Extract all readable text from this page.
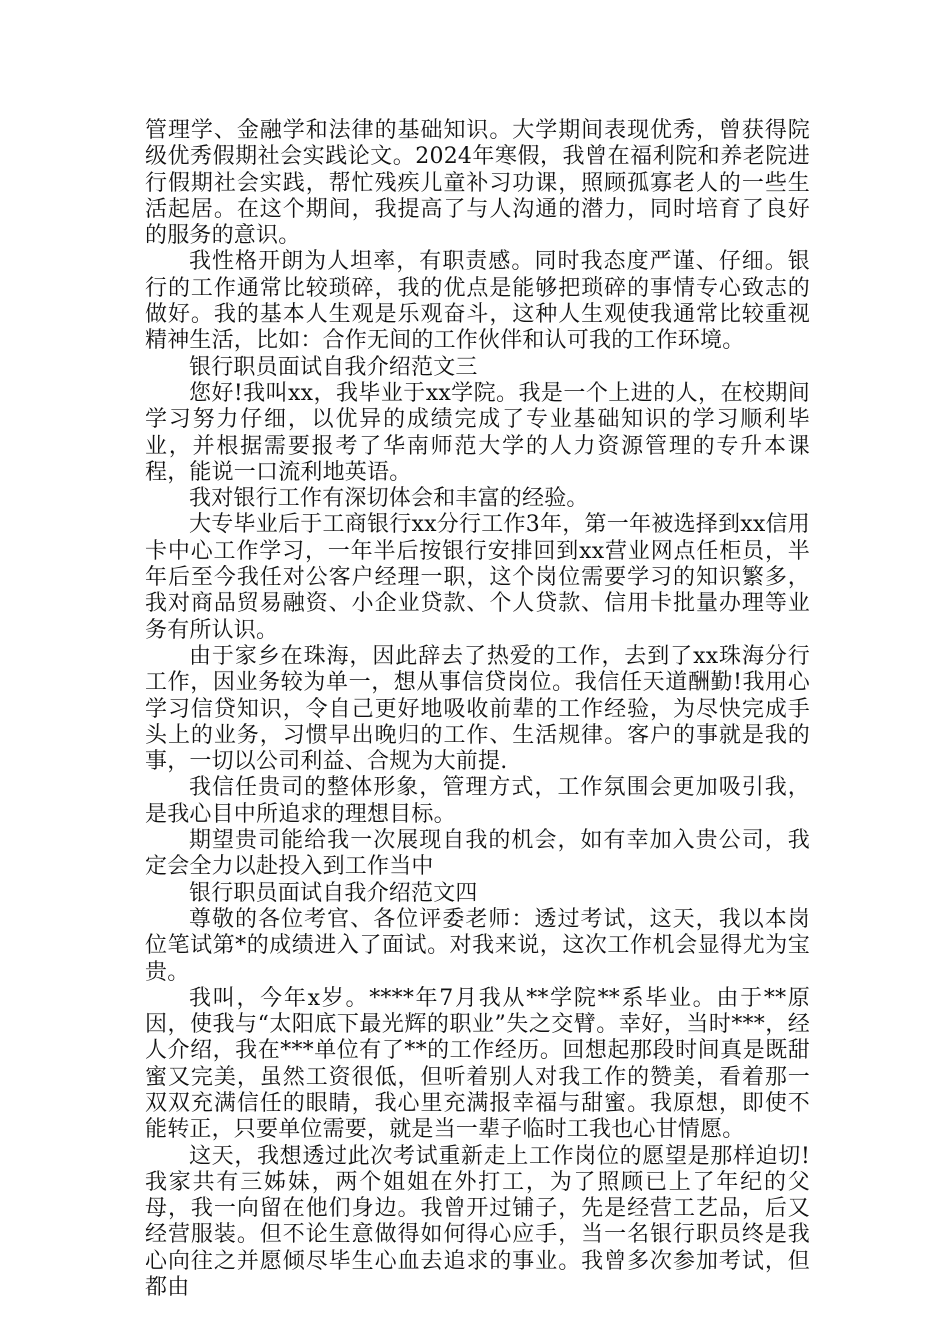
管理学、金融学和法律的基础知识。大学期间表现优秀，曾获得院级优秀假期社会实践论文。2024年寒假，我曾在福利院和养老院进行假期社会实践，帮忙残疾儿童补习功课，照顾孤寡老人的一些生活起居。在这个期间，我提高了与人沟通的潜力，同时培育了良好的服务的意识。

我性格开朗为人坦率，有职责感。同时我态度严谨、仔细。银行的工作通常比较琐碎，我的优点是能够把琐碎的事情专心致志的做好。我的基本人生观是乐观奋斗，这种人生观使我通常比较重视精神生活，比如：合作无间的工作伙伴和认可我的工作环境。

银行职员面试自我介绍范文三

您好!我叫xx，我毕业于xx学院。我是一个上进的人，在校期间学习努力仔细，以优异的成绩完成了专业基础知识的学习顺利毕业，并根据需要报考了华南师范大学的人力资源管理的专升本课程，能说一口流利地英语。

我对银行工作有深切体会和丰富的经验。

大专毕业后于工商银行xx分行工作3年，第一年被选择到xx信用卡中心工作学习，一年半后按银行安排回到xx营业网点任柜员，半年后至今我任对公客户经理一职，这个岗位需要学习的知识繁多，我对商品贸易融资、小企业贷款、个人贷款、信用卡批量办理等业务有所认识。

由于家乡在珠海，因此辞去了热爱的工作，去到了xx珠海分行工作，因业务较为单一，想从事信贷岗位。我信任天道酬勤!我用心学习信贷知识，令自己更好地吸收前辈的工作经验，为尽快完成手头上的业务，习惯早出晚归的工作、生活规律。客户的事就是我的事，一切以公司利益、合规为大前提.

我信任贵司的整体形象，管理方式，工作氛围会更加吸引我，是我心目中所追求的理想目标。

期望贵司能给我一次展现自我的机会，如有幸加入贵公司，我定会全力以赴投入到工作当中

银行职员面试自我介绍范文四

尊敬的各位考官、各位评委老师：透过考试，这天，我以本岗位笔试第*的成绩进入了面试。对我来说，这次工作机会显得尤为宝贵。

我叫，今年x岁。****年7月我从**学院**系毕业。由于**原因，使我与“太阳底下最光辉的职业”失之交臂。幸好，当时***，经人介绍，我在***单位有了**的工作经历。回想起那段时间真是既甜蜜又完美，虽然工资很低，但听着别人对我工作的赞美，看着那一双双充满信任的眼睛，我心里充满报幸福与甜蜜。我原想，即使不能转正，只要单位需要，就是当一辈子临时工我也心甘情愿。

这天，我想透过此次考试重新走上工作岗位的愿望是那样迫切!我家共有三姊妹，两个姐姐在外打工，为了照顾已上了年纪的父母，我一向留在他们身边。我曾开过铺子，先是经营工艺品，后又经营服装。但不论生意做得如何得心应手，当一名银行职员终是我心向往之并愿倾尽毕生心血去追求的事业。我曾多次参加考试，但都由
